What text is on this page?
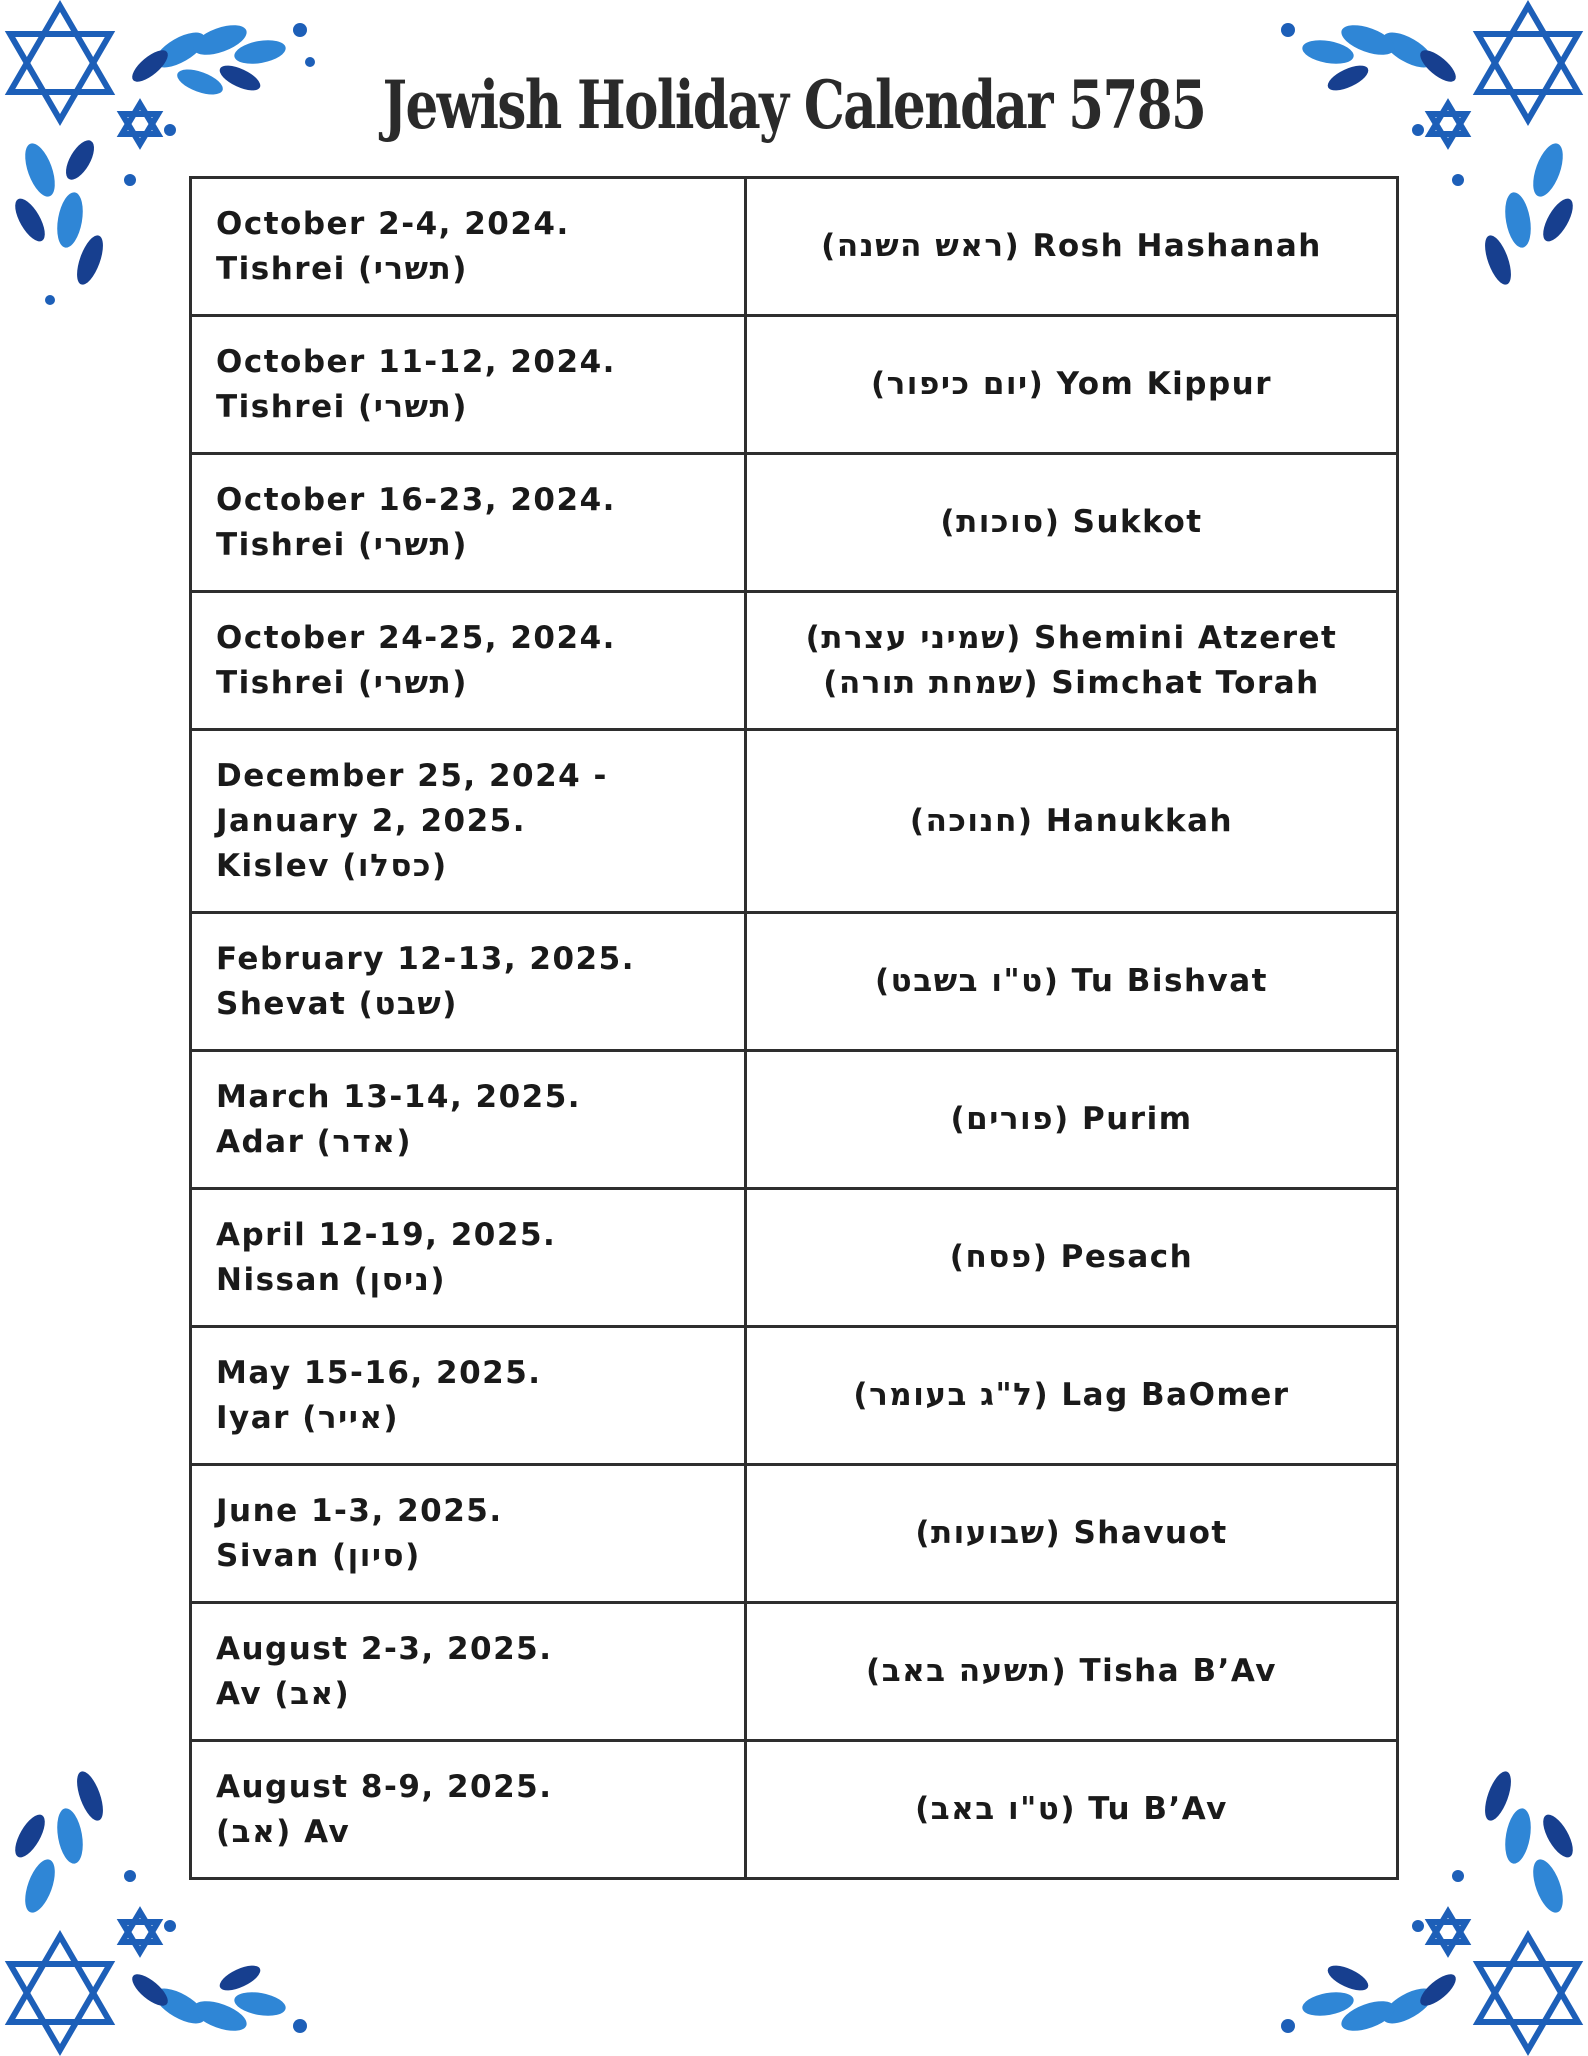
Jewish Holiday Calendar 5785
October 2-4, 2024.
Tishrei (תשרי)	(ראש השנה) Rosh Hashanah

October 11-12, 2024.
Tishrei (תשרי)	(יום כיפור) Yom Kippur

October 16-23, 2024.
Tishrei (תשרי)	(סוכות) Sukkot

October 24-25, 2024.
Tishrei (תשרי)	(שמיני עצרת) Shemini Atzeret
(שמחת תורה) Simchat Torah

December 25, 2024 - January 2, 2025.
Kislev (כסלו)	(חנוכה) Hanukkah

February 12-13, 2025.
Shevat (שבט)	(ט"ו בשבט) Tu Bishvat

March 13-14, 2025.
Adar (אדר)	(פורים) Purim

April 12-19, 2025.
Nissan (ניסן)	(פסח) Pesach

May 15-16, 2025.
Iyar (אייר)	(ל"ג בעומר) Lag BaOmer

June 1-3, 2025.
Sivan (סיון)	(שבועות) Shavuot

August 2-3, 2025.
Av (אב)	(תשעה באב) Tisha B’Av

August 8-9, 2025.
(אב) Av	(ט"ו באב) Tu B’Av
